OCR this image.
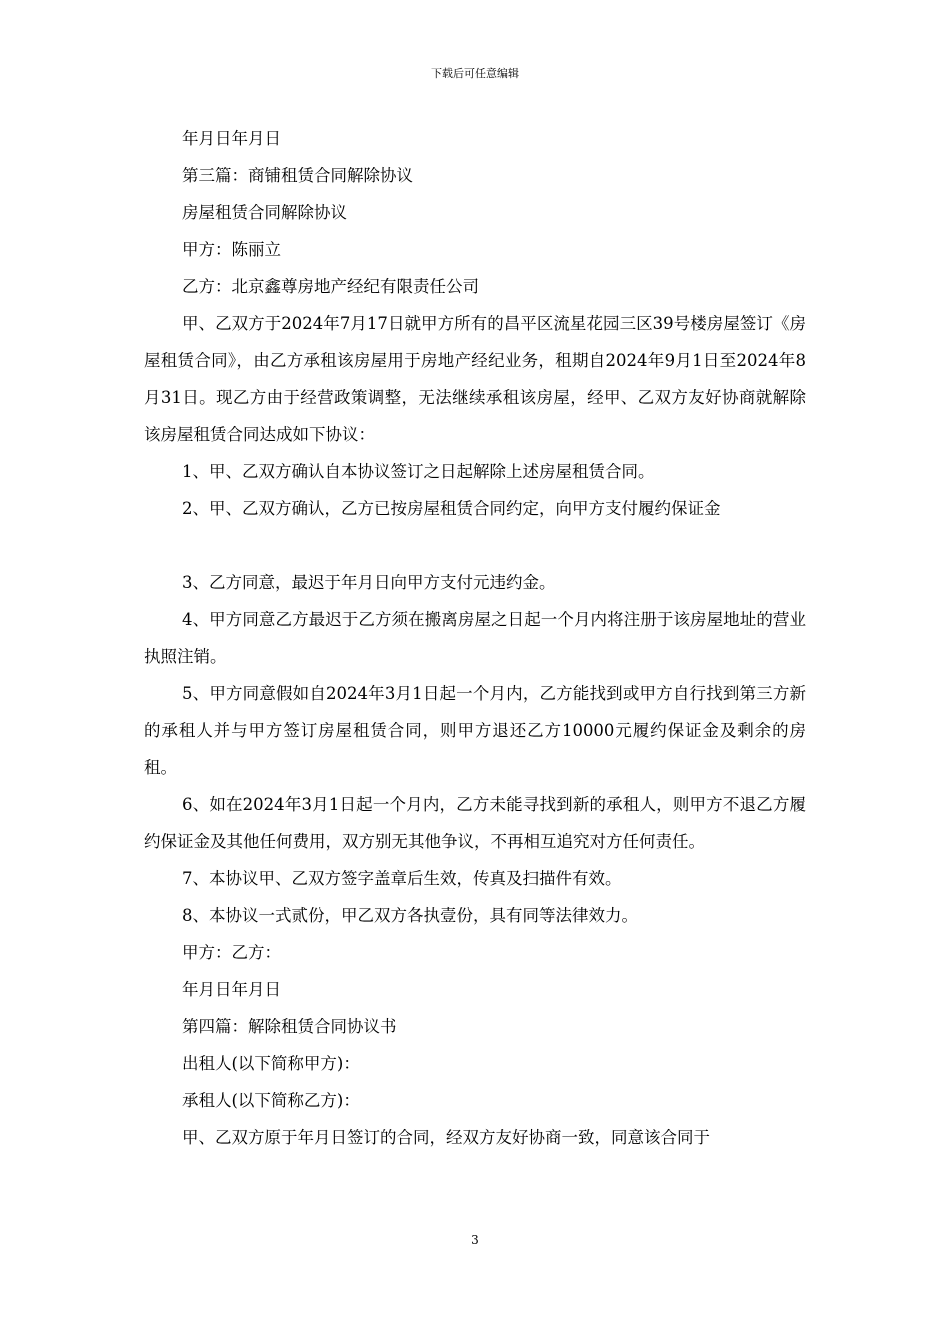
下载后可任意编辑
年月日年月日
第三篇：商铺租赁合同解除协议
房屋租赁合同解除协议
甲方：陈丽立
乙方：北京鑫尊房地产经纪有限责任公司
甲、乙双方于2024年7月17日就甲方所有的昌平区流星花园三区39号楼房屋签订《房屋租赁合同》，由乙方承租该房屋用于房地产经纪业务，租期自2024年9月1日至2024年8月31日。现乙方由于经营政策调整，无法继续承租该房屋，经甲、乙双方友好协商就解除该房屋租赁合同达成如下协议：
1、甲、乙双方确认自本协议签订之日起解除上述房屋租赁合同。
2、甲、乙双方确认，乙方已按房屋租赁合同约定，向甲方支付履约保证金
3、乙方同意，最迟于年月日向甲方支付元违约金。
4、甲方同意乙方最迟于乙方须在搬离房屋之日起一个月内将注册于该房屋地址的营业执照注销。
5、甲方同意假如自2024年3月1日起一个月内，乙方能找到或甲方自行找到第三方新的承租人并与甲方签订房屋租赁合同，则甲方退还乙方10000元履约保证金及剩余的房租。
6、如在2024年3月1日起一个月内，乙方未能寻找到新的承租人，则甲方不退乙方履约保证金及其他任何费用，双方别无其他争议，不再相互追究对方任何责任。
7、本协议甲、乙双方签字盖章后生效，传真及扫描件有效。
8、本协议一式贰份，甲乙双方各执壹份，具有同等法律效力。
甲方：乙方：
年月日年月日
第四篇：解除租赁合同协议书
出租人(以下简称甲方)：
承租人(以下简称乙方)：
甲、乙双方原于年月日签订的合同，经双方友好协商一致，同意该合同于
3
